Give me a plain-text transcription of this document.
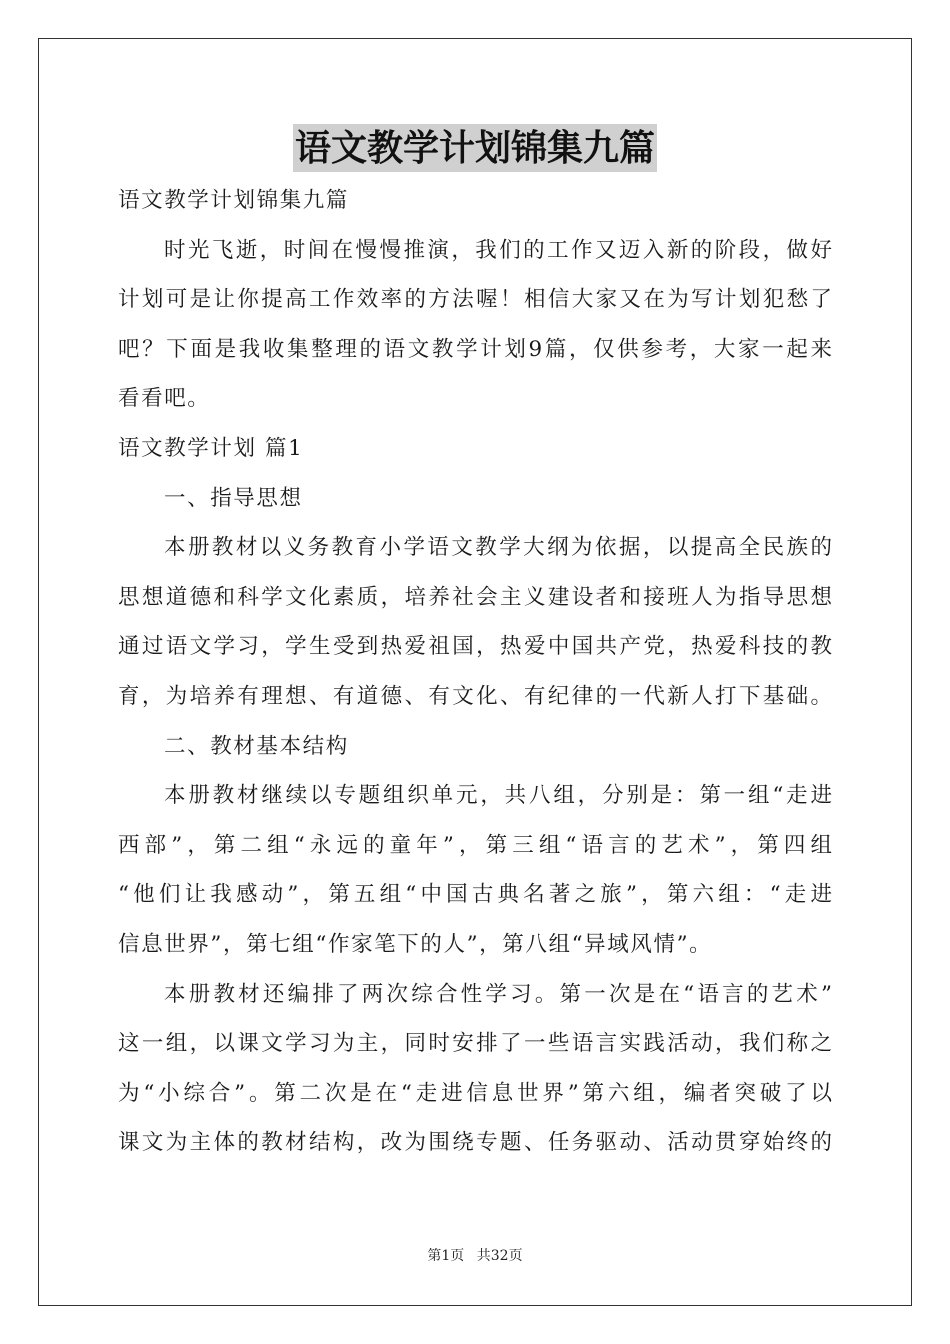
语文教学计划锦集九篇
语文教学计划锦集九篇
时光飞逝，时间在慢慢推演，我们的工作又迈入新的阶段，做好
计划可是让你提高工作效率的方法喔！相信大家又在为写计划犯愁了
吧？下面是我收集整理的语文教学计划9篇，仅供参考，大家一起来
看看吧。
语文教学计划 篇1
一、指导思想
本册教材以义务教育小学语文教学大纲为依据，以提高全民族的
思想道德和科学文化素质，培养社会主义建设者和接班人为指导思想
通过语文学习，学生受到热爱祖国，热爱中国共产党，热爱科技的教
育，为培养有理想、有道德、有文化、有纪律的一代新人打下基础。
二、教材基本结构
本册教材继续以专题组织单元，共八组，分别是：第一组“走进
西部”，第二组“永远的童年”，第三组“语言的艺术”，第四组
“他们让我感动”，第五组“中国古典名著之旅”，第六组：“走进
信息世界”，第七组“作家笔下的人”，第八组“异域风情”。
本册教材还编排了两次综合性学习。第一次是在“语言的艺术”
这一组，以课文学习为主，同时安排了一些语言实践活动，我们称之
为“小综合”。第二次是在“走进信息世界”第六组，编者突破了以
课文为主体的教材结构，改为围绕专题、任务驱动、活动贯穿始终的
第1页 共32页
